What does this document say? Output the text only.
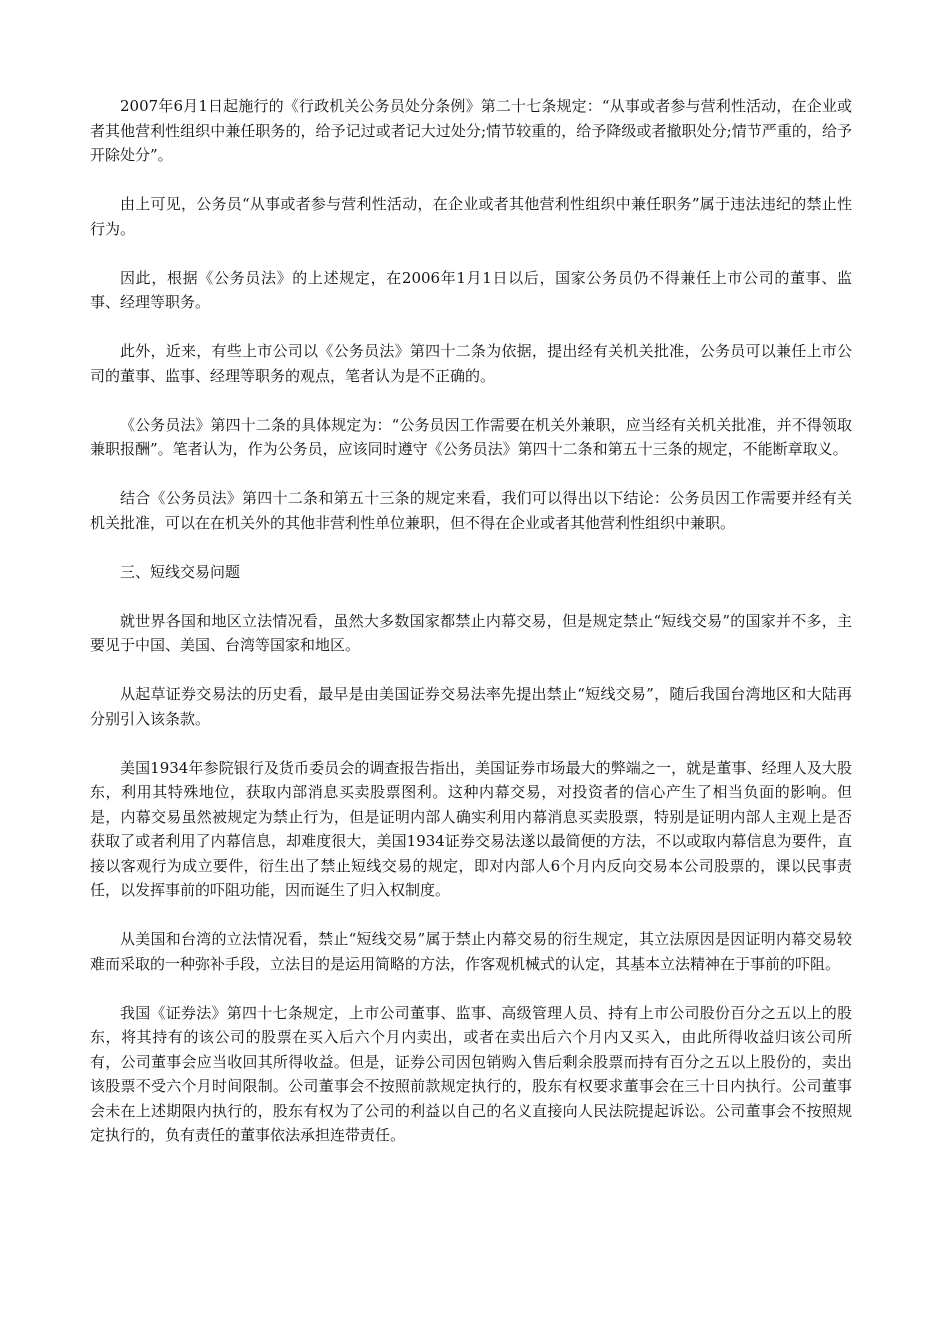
2007年6月1日起施行的《行政机关公务员处分条例》第二十七条规定：“从事或者参与营利性活动，在企业或者其他营利性组织中兼任职务的，给予记过或者记大过处分;情节较重的，给予降级或者撤职处分;情节严重的，给予开除处分”。

由上可见，公务员“从事或者参与营利性活动，在企业或者其他营利性组织中兼任职务”属于违法违纪的禁止性行为。

因此，根据《公务员法》的上述规定，在2006年1月1日以后，国家公务员仍不得兼任上市公司的董事、监事、经理等职务。

此外，近来，有些上市公司以《公务员法》第四十二条为依据，提出经有关机关批准，公务员可以兼任上市公司的董事、监事、经理等职务的观点，笔者认为是不正确的。

《公务员法》第四十二条的具体规定为：“公务员因工作需要在机关外兼职，应当经有关机关批准，并不得领取兼职报酬”。笔者认为，作为公务员，应该同时遵守《公务员法》第四十二条和第五十三条的规定，不能断章取义。

结合《公务员法》第四十二条和第五十三条的规定来看，我们可以得出以下结论：公务员因工作需要并经有关机关批准，可以在在机关外的其他非营利性单位兼职，但不得在企业或者其他营利性组织中兼职。

三、短线交易问题

就世界各国和地区立法情况看，虽然大多数国家都禁止内幕交易，但是规定禁止“短线交易”的国家并不多，主要见于中国、美国、台湾等国家和地区。

从起草证券交易法的历史看，最早是由美国证券交易法率先提出禁止“短线交易”，随后我国台湾地区和大陆再分别引入该条款。

美国1934年参院银行及货币委员会的调查报告指出，美国证券市场最大的弊端之一，就是董事、经理人及大股东，利用其特殊地位，获取内部消息买卖股票图利。这种内幕交易，对投资者的信心产生了相当负面的影响。但是，内幕交易虽然被规定为禁止行为，但是证明内部人确实利用内幕消息买卖股票，特别是证明内部人主观上是否获取了或者利用了内幕信息，却难度很大，美国1934证券交易法遂以最简便的方法，不以或取内幕信息为要件，直接以客观行为成立要件，衍生出了禁止短线交易的规定，即对内部人6个月内反向交易本公司股票的，课以民事责任，以发挥事前的吓阻功能，因而诞生了归入权制度。

从美国和台湾的立法情况看，禁止“短线交易”属于禁止内幕交易的衍生规定，其立法原因是因证明内幕交易较难而采取的一种弥补手段，立法目的是运用简略的方法，作客观机械式的认定，其基本立法精神在于事前的吓阻。

我国《证券法》第四十七条规定，上市公司董事、监事、高级管理人员、持有上市公司股份百分之五以上的股东，将其持有的该公司的股票在买入后六个月内卖出，或者在卖出后六个月内又买入，由此所得收益归该公司所有，公司董事会应当收回其所得收益。但是，证券公司因包销购入售后剩余股票而持有百分之五以上股份的，卖出该股票不受六个月时间限制。公司董事会不按照前款规定执行的，股东有权要求董事会在三十日内执行。公司董事会未在上述期限内执行的，股东有权为了公司的利益以自己的名义直接向人民法院提起诉讼。公司董事会不按照规定执行的，负有责任的董事依法承担连带责任。
